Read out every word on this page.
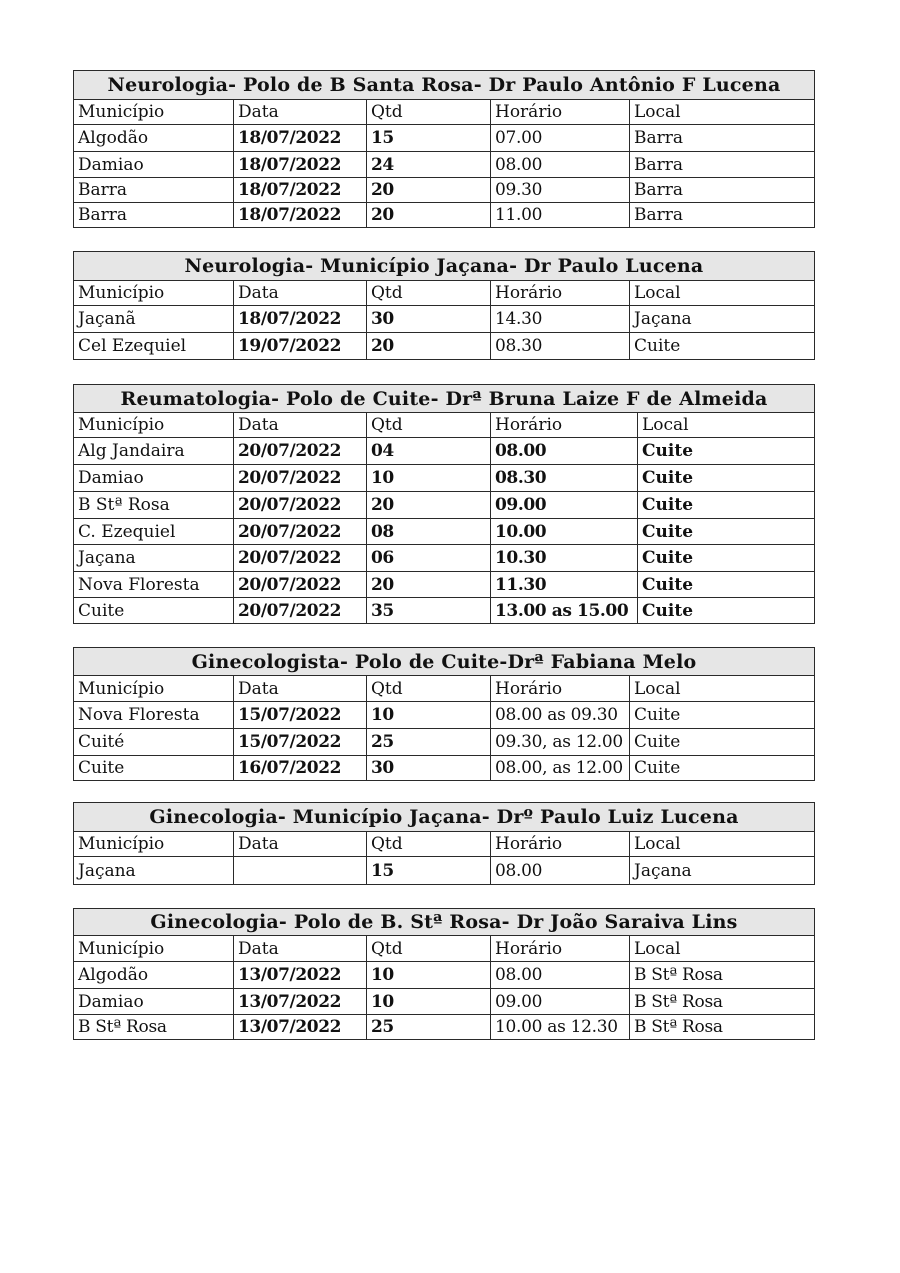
Neurologia- Polo de B Santa Rosa- Dr Paulo Antônio F Lucena				
Município	Data	Qtd	Horário	Local
Algodão	18/07/2022	15	07.00	Barra
Damiao	18/07/2022	24	08.00	Barra
Barra	18/07/2022	20	09.30	Barra
Barra	18/07/2022	20	11.00	Barra
Neurologia- Município Jaçana- Dr Paulo Lucena				
Município	Data	Qtd	Horário	Local
Jaçanã	18/07/2022	30	14.30	Jaçana
Cel Ezequiel	19/07/2022	20	08.30	Cuite
Reumatologia- Polo de Cuite- Drª Bruna Laize F de Almeida				
Município	Data	Qtd	Horário	Local
Alg Jandaira	20/07/2022	04	08.00	Cuite
Damiao	20/07/2022	10	08.30	Cuite
B Stª Rosa	20/07/2022	20	09.00	Cuite
C. Ezequiel	20/07/2022	08	10.00	Cuite
Jaçana	20/07/2022	06	10.30	Cuite
Nova Floresta	20/07/2022	20	11.30	Cuite
Cuite	20/07/2022	35	13.00 as 15.00	Cuite
Ginecologista- Polo de Cuite-Drª Fabiana Melo				
Município	Data	Qtd	Horário	Local
Nova Floresta	15/07/2022	10	08.00 as 09.30	Cuite
Cuité	15/07/2022	25	09.30, as 12.00	Cuite
Cuite	16/07/2022	30	08.00, as 12.00	Cuite
Ginecologia- Município Jaçana- Drº Paulo Luiz Lucena				
Município	Data	Qtd	Horário	Local
Jaçana		15	08.00	Jaçana
Ginecologia- Polo de B. Stª Rosa- Dr João Saraiva Lins				
Município	Data	Qtd	Horário	Local
Algodão	13/07/2022	10	08.00	B Stª Rosa
Damiao	13/07/2022	10	09.00	B Stª Rosa
B Stª Rosa	13/07/2022	25	10.00 as 12.30	B Stª Rosa
